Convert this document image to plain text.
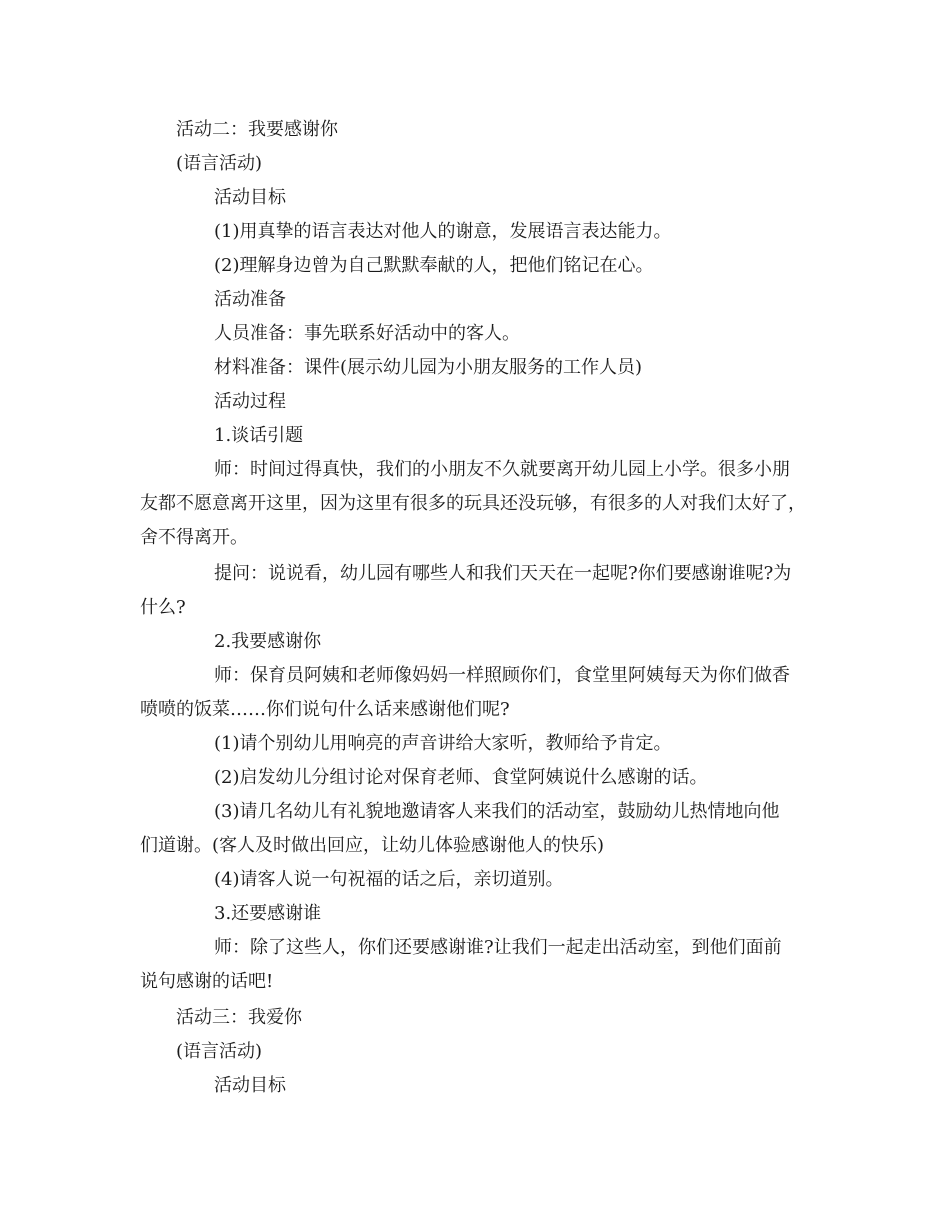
活动二：我要感谢你
(语言活动)
活动目标
(1)用真挚的语言表达对他人的谢意，发展语言表达能力。
(2)理解身边曾为自己默默奉献的人，把他们铭记在心。
活动准备
人员准备：事先联系好活动中的客人。
材料准备：课件(展示幼儿园为小朋友服务的工作人员)
活动过程
1.谈话引题
师：时间过得真快，我们的小朋友不久就要离开幼儿园上小学。很多小朋
友都不愿意离开这里，因为这里有很多的玩具还没玩够，有很多的人对我们太好了，
舍不得离开。
提问：说说看，幼儿园有哪些人和我们天天在一起呢?你们要感谢谁呢?为
什么?
2.我要感谢你
师：保育员阿姨和老师像妈妈一样照顾你们，食堂里阿姨每天为你们做香
喷喷的饭菜……你们说句什么话来感谢他们呢?
(1)请个别幼儿用响亮的声音讲给大家听，教师给予肯定。
(2)启发幼儿分组讨论对保育老师、食堂阿姨说什么感谢的话。
(3)请几名幼儿有礼貌地邀请客人来我们的活动室，鼓励幼儿热情地向他
们道谢。(客人及时做出回应，让幼儿体验感谢他人的快乐)
(4)请客人说一句祝福的话之后，亲切道别。
3.还要感谢谁
师：除了这些人，你们还要感谢谁?让我们一起走出活动室，到他们面前
说句感谢的话吧!
活动三：我爱你
(语言活动)
活动目标
